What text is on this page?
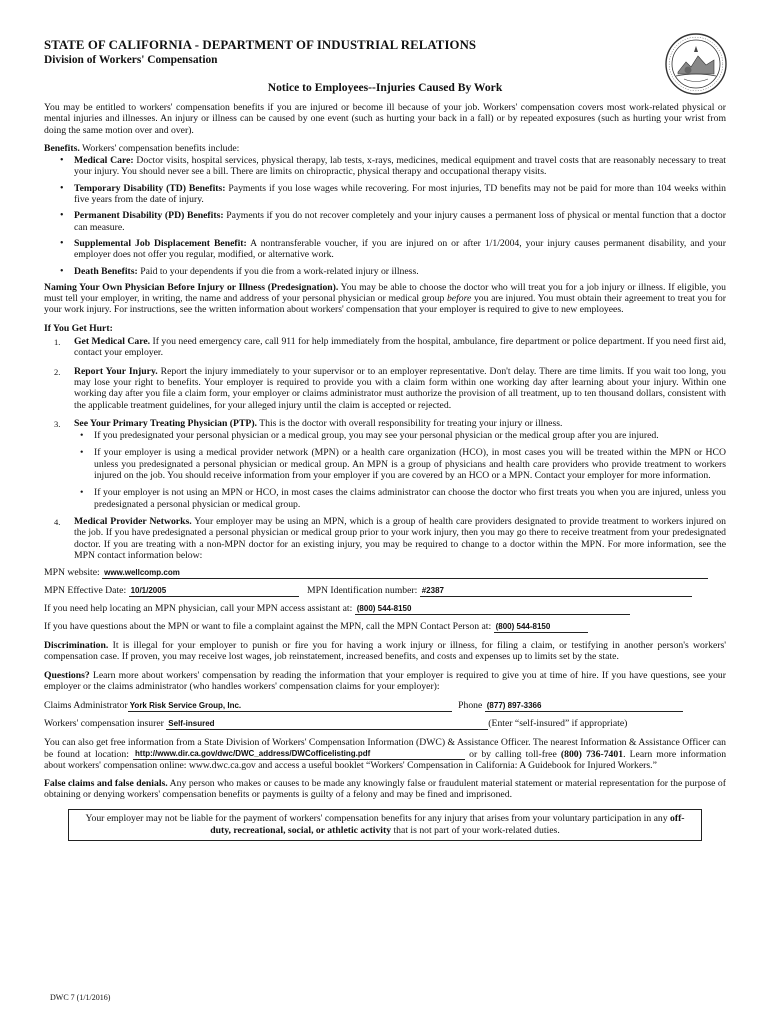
STATE OF CALIFORNIA - DEPARTMENT OF INDUSTRIAL RELATIONS
Division of Workers' Compensation
Notice to Employees--Injuries Caused By Work

You may be entitled to workers' compensation benefits if you are injured or become ill because of your job. Workers' compensation covers most work-related physical or mental injuries and illnesses. An injury or illness can be caused by one event (such as hurting your back in a fall) or by repeated exposures (such as hurting your wrist from doing the same motion over and over).

Benefits. Workers' compensation benefits include:

• Medical Care: Doctor visits, hospital services, physical therapy, lab tests, x-rays, medicines, medical equipment and travel costs that are reasonably necessary to treat your injury. You should never see a bill. There are limits on chiropractic, physical therapy and occupational therapy visits.
• Temporary Disability (TD) Benefits: Payments if you lose wages while recovering. For most injuries, TD benefits may not be paid for more than 104 weeks within five years from the date of injury.
• Permanent Disability (PD) Benefits: Payments if you do not recover completely and your injury causes a permanent loss of physical or mental function that a doctor can measure.
• Supplemental Job Displacement Benefit: A nontransferable voucher, if you are injured on or after 1/1/2004, your injury causes permanent disability, and your employer does not offer you regular, modified, or alternative work.
• Death Benefits: Paid to your dependents if you die from a work-related injury or illness.

Naming Your Own Physician Before Injury or Illness (Predesignation). You may be able to choose the doctor who will treat you for a job injury or illness. If eligible, you must tell your employer, in writing, the name and address of your personal physician or medical group before you are injured. You must obtain their agreement to treat you for your work injury. For instructions, see the written information about workers' compensation that your employer is required to give to new employees.

If You Get Hurt:

1. Get Medical Care. If you need emergency care, call 911 for help immediately from the hospital, ambulance, fire department or police department. If you need first aid, contact your employer.
2. Report Your Injury. Report the injury immediately to your supervisor or to an employer representative. Don't delay. There are time limits. If you wait too long, you may lose your right to benefits. Your employer is required to provide you with a claim form within one working day after learning about your injury. Within one working day after you file a claim form, your employer or claims administrator must authorize the provision of all treatment, up to ten thousand dollars, consistent with the applicable treatment guidelines, for your alleged injury until the claim is accepted or rejected.
3. See Your Primary Treating Physician (PTP). This is the doctor with overall responsibility for treating your injury or illness.
• If you predesignated your personal physician or a medical group, you may see your personal physician or the medical group after you are injured.
• If your employer is using a medical provider network (MPN) or a health care organization (HCO), in most cases you will be treated within the MPN or HCO unless you predesignated a personal physician or medical group. An MPN is a group of physicians and health care providers who provide treatment to workers injured on the job. You should receive information from your employer if you are covered by an HCO or a MPN. Contact your employer for more information.
• If your employer is not using an MPN or HCO, in most cases the claims administrator can choose the doctor who first treats you when you are injured, unless you predesignated a personal physician or medical group.
4. Medical Provider Networks. Your employer may be using an MPN, which is a group of health care providers designated to provide treatment to workers injured on the job. If you have predesignated a personal physician or medical group prior to your work injury, then you may go there to receive treatment from your predesignated doctor. If you are treating with a non-MPN doctor for an existing injury, you may be required to change to a doctor within the MPN. For more information, see the MPN contact information below:
MPN website: www.wellcomp.com
MPN Effective Date: 10/1/2005	MPN Identification number: #2387
If you need help locating an MPN physician, call your MPN access assistant at: (800) 544-8150
If you have questions about the MPN or want to file a complaint against the MPN, call the MPN Contact Person at: (800) 544-8150

Discrimination. It is illegal for your employer to punish or fire you for having a work injury or illness, for filing a claim, or testifying in another person's workers' compensation case. If proven, you may receive lost wages, job reinstatement, increased benefits, and costs and expenses up to limits set by the state.

Questions? Learn more about workers' compensation by reading the information that your employer is required to give you at time of hire. If you have questions, see your employer or the claims administrator (who handles workers' compensation claims for your employer):

Claims Administrator York Risk Service Group, Inc.	Phone (877) 897-3366
Workers' compensation insurer Self-insured	(Enter “self-insured” if appropriate)

You can also get free information from a State Division of Workers' Compensation Information (DWC) & Assistance Officer. The nearest Information & Assistance Officer can be found at location: http://www.dir.ca.gov/dwc/DWC_address/DWCofficelisting.pdf	or by calling toll-free (800) 736-7401. Learn more information about workers' compensation online: www.dwc.ca.gov and access a useful booklet “Workers' Compensation in California: A Guidebook for Injured Workers.”

False claims and false denials. Any person who makes or causes to be made any knowingly false or fraudulent material statement or material representation for the purpose of obtaining or denying workers' compensation benefits or payments is guilty of a felony and may be fined and imprisoned.

Your employer may not be liable for the payment of workers' compensation benefits for any injury that arises from your voluntary participation in any off-duty, recreational, social, or athletic activity that is not part of your work-related duties.
DWC 7 (1/1/2016)
